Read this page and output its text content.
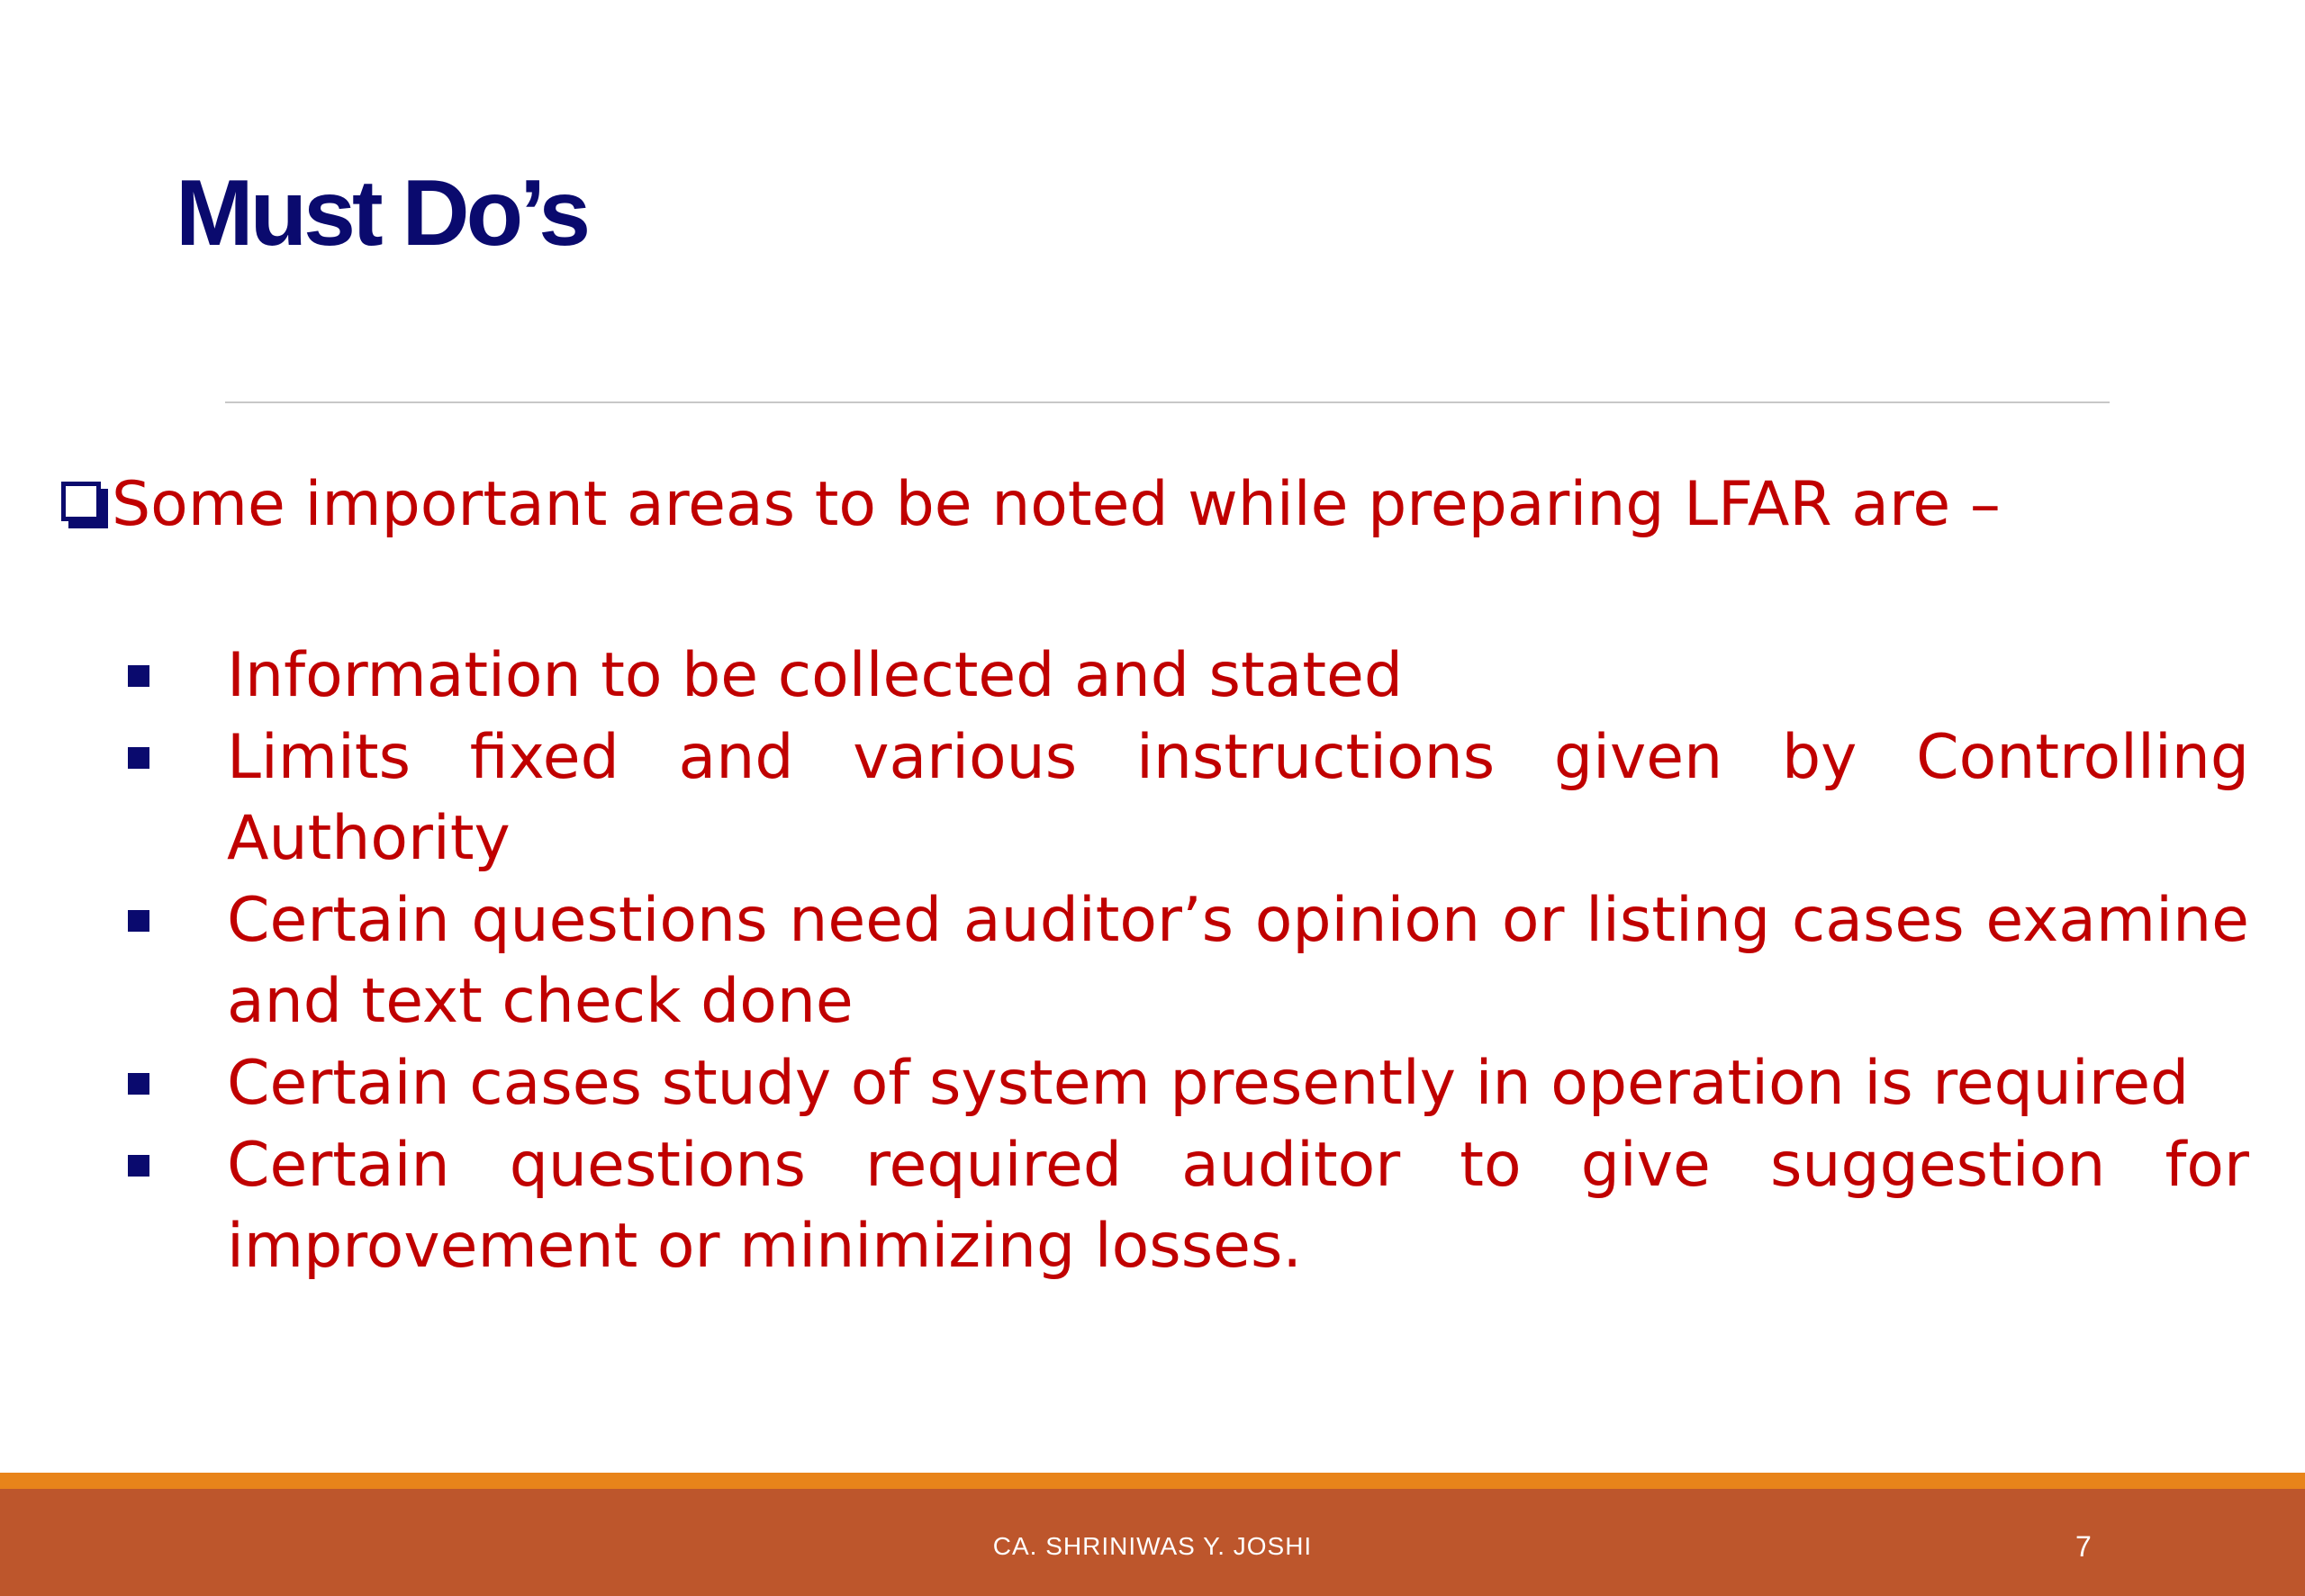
Must Do’s
Some important areas to be noted while preparing LFAR are –
Information to be collected and stated
Limits fixed and various instructions given by Controlling Authority
Certain questions need auditor’s opinion or listing cases examine and text check done
Certain cases study of system presently in operation is required
Certain questions required auditor to give suggestion for improvement or minimizing losses.
CA. SHRINIWAS Y. JOSHI	7
